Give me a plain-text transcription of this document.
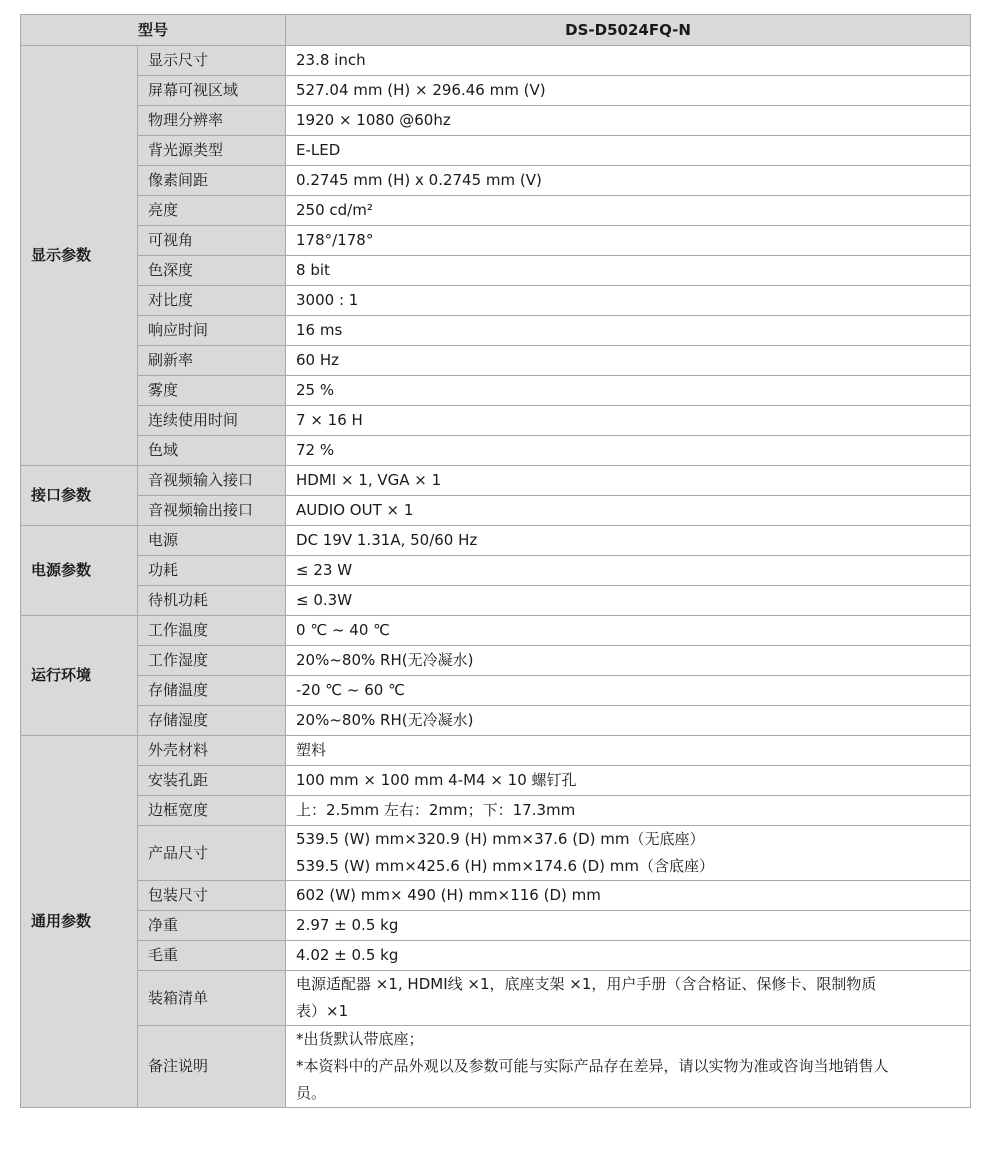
型号		DS-D5024FQ-N
显示参数	显示尺寸	23.8 inch

	屏幕可视区域	527.04 mm (H) × 296.46 mm (V)

	物理分辨率	1920 × 1080 @60hz

	背光源类型	E-LED

	像素间距	0.2745 mm (H) x 0.2745 mm (V)

	亮度	250 cd/m²

	可视角	178°/178°

	色深度	8 bit

	对比度	3000 : 1

	响应时间	16 ms

	刷新率	60 Hz

	雾度	25 %

	连续使用时间	7 × 16 H

	色域	72 %

接口参数	音视频输入接口	HDMI × 1, VGA × 1

	音视频输出接口	AUDIO OUT × 1

电源参数	电源	DC 19V 1.31A, 50/60 Hz

	功耗	≤ 23 W

	待机功耗	≤ 0.3W

运行环境	工作温度	0 ℃ ~ 40 ℃

	工作湿度	20%~80% RH(无冷凝水)

	存储温度	-20 ℃ ~ 60 ℃

	存储湿度	20%~80% RH(无冷凝水)

通用参数	外壳材料	塑料

	安装孔距	100 mm × 100 mm 4-M4 × 10 螺钉孔

	边框宽度	上：2.5mm 左右：2mm；下：17.3mm

	产品尺寸	539.5 (W) mm×320.9 (H) mm×37.6 (D) mm（无底座）
539.5 (W) mm×425.6 (H) mm×174.6 (D) mm（含底座）

	包装尺寸	602 (W) mm× 490 (H) mm×116 (D) mm

	净重	2.97 ± 0.5 kg

	毛重	4.02 ± 0.5 kg

	装箱清单	电源适配器 ×1, HDMI线 ×1，底座支架 ×1，用户手册（含合格证、保修卡、限制物质
表）×1

	备注说明	*出货默认带底座；
*本资料中的产品外观以及参数可能与实际产品存在差异，请以实物为准或咨询当地销售人
员。
